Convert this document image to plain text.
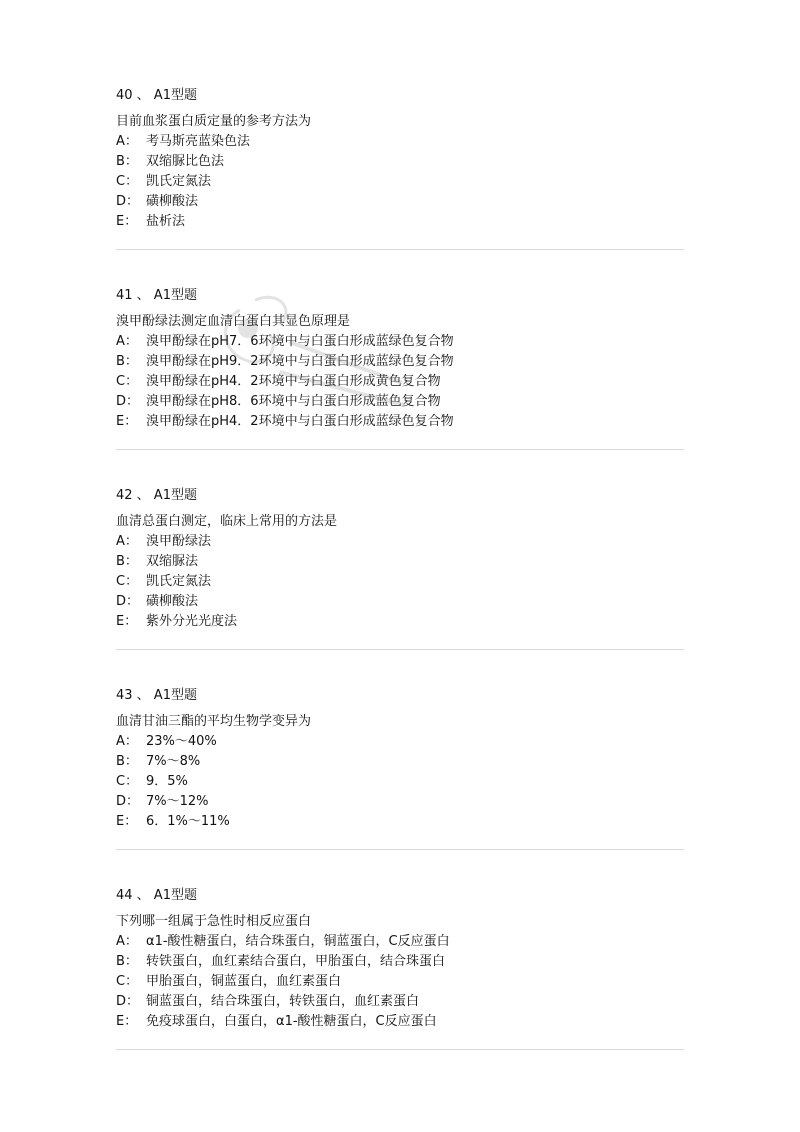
40 、 A1型题
目前血浆蛋白质定量的参考方法为
A： 考马斯亮蓝染色法
B： 双缩脲比色法
C： 凯氏定氮法
D： 磺柳酸法
E： 盐析法
41 、 A1型题
溴甲酚绿法测定血清白蛋白其显色原理是
A： 溴甲酚绿在pH7．6环境中与白蛋白形成蓝绿色复合物
B： 溴甲酚绿在pH9．2环境中与白蛋白形成蓝绿色复合物
C： 溴甲酚绿在pH4．2环境中与白蛋白形成黄色复合物
D： 溴甲酚绿在pH8．6环境中与白蛋白形成蓝色复合物
E： 溴甲酚绿在pH4．2环境中与白蛋白形成蓝绿色复合物
42 、 A1型题
血清总蛋白测定，临床上常用的方法是
A： 溴甲酚绿法
B： 双缩脲法
C： 凯氏定氮法
D： 磺柳酸法
E： 紫外分光光度法
43 、 A1型题
血清甘油三酯的平均生物学变异为
A： 23%～40%
B： 7%～8%
C： 9．5%
D： 7%～12%
E： 6．1%～11%
44 、 A1型题
下列哪一组属于急性时相反应蛋白
A： α1-酸性糖蛋白，结合珠蛋白，铜蓝蛋白，C反应蛋白
B： 转铁蛋白，血红素结合蛋白，甲胎蛋白，结合珠蛋白
C： 甲胎蛋白，铜蓝蛋白，血红素蛋白
D： 铜蓝蛋白，结合珠蛋白，转铁蛋白，血红素蛋白
E： 免疫球蛋白，白蛋白，α1-酸性糖蛋白，C反应蛋白
